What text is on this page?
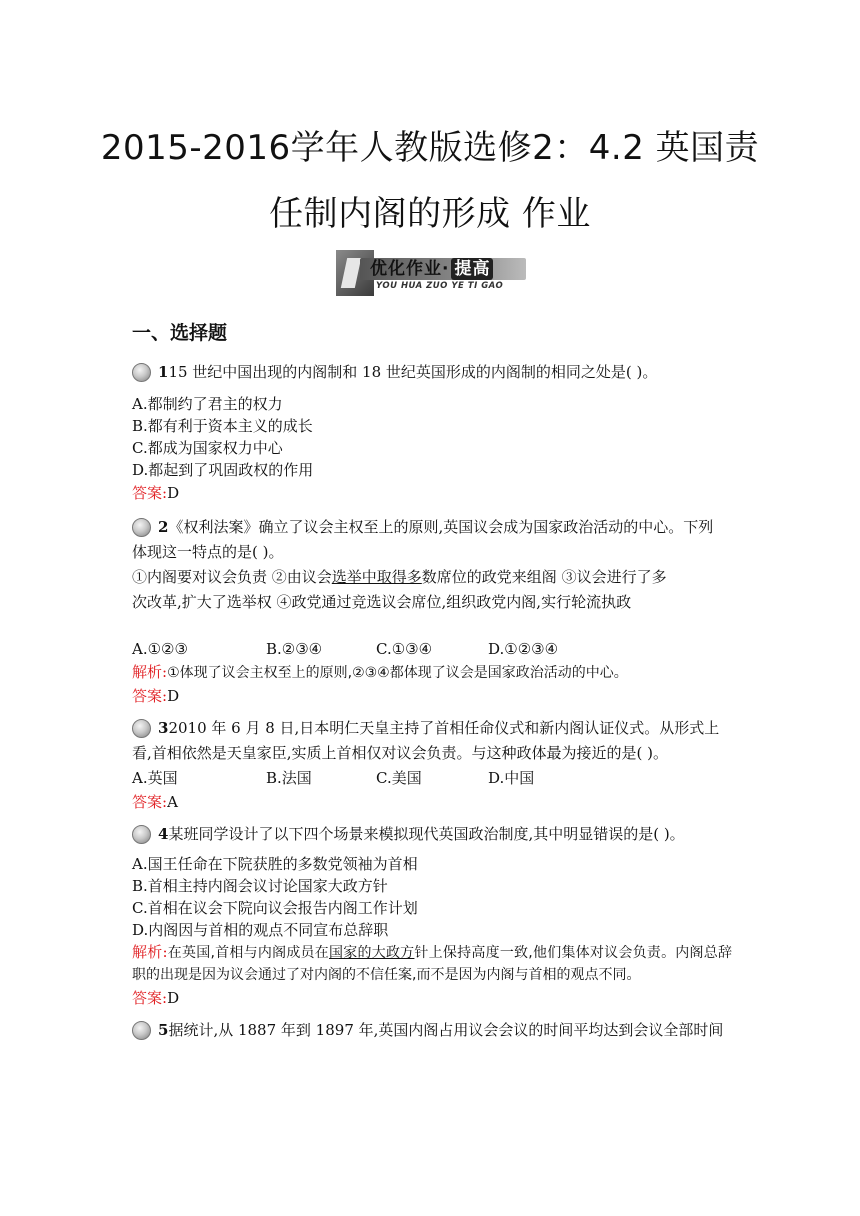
2015-2016学年人教版选修2：4.2 英国责
任制内阁的形成 作业
优化作业· 提高
YOU HUA ZUO YE TI GAO
一、选择题
115 世纪中国出现的内阁制和 18 世纪英国形成的内阁制的相同之处是( )。
A.都制约了君主的权力
B.都有利于资本主义的成长
C.都成为国家权力中心
D.都起到了巩固政权的作用
答案:D
2《权利法案》确立了议会主权至上的原则,英国议会成为国家政治活动的中心。下列
体现这一特点的是( )。
①内阁要对议会负责 ②由议会选举中取得多数席位的政党来组阁 ③议会进行了多
次改革,扩大了选举权 ④政党通过竞选议会席位,组织政党内阁,实行轮流执政
A.①②③	B.②③④	C.①③④	D.①②③④
解析:①体现了议会主权至上的原则,②③④都体现了议会是国家政治活动的中心。
答案:D
32010 年 6 月 8 日,日本明仁天皇主持了首相任命仪式和新内阁认证仪式。从形式上
看,首相依然是天皇家臣,实质上首相仅对议会负责。与这种政体最为接近的是( )。
A.英国	B.法国	C.美国	D.中国
答案:A
4某班同学设计了以下四个场景来模拟现代英国政治制度,其中明显错误的是( )。
A.国王任命在下院获胜的多数党领袖为首相
B.首相主持内阁会议讨论国家大政方针
C.首相在议会下院向议会报告内阁工作计划
D.内阁因与首相的观点不同宣布总辞职
解析:在英国,首相与内阁成员在国家的大政方针上保持高度一致,他们集体对议会负责。内阁总辞职的出现是因为议会通过了对内阁的不信任案,而不是因为内阁与首相的观点不同。
答案:D
5据统计,从 1887 年到 1897 年,英国内阁占用议会会议的时间平均达到会议全部时间
